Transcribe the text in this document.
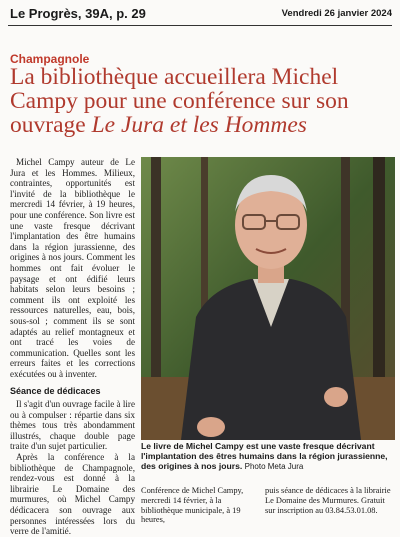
Le Progrès, 39A, p. 29	Vendredi 26 janvier 2024
Champagnole
La bibliothèque accueillera Michel Campy pour une conférence sur son ouvrage Le Jura et les Hommes

Michel Campy auteur de Le Jura et les Hommes. Milieux, contraintes, opportunités est l'invité de la bibliothèque le mercredi 14 février, à 19 heures, pour une conférence. Son livre est une vaste fresque décrivant l'implantation des être humains dans la région jurassienne, des origines à nos jours. Comment les hommes ont fait évoluer le paysage et ont édifié leurs habitats selon leurs besoins ; comment ils ont exploité les ressources naturelles, eau, bois, sous-sol ; comment ils se sont adaptés au relief montagneux et ont tracé les voies de communication. Quelles sont les erreurs faites et les corrections exécutées ou à inventer.

Séance de dédicaces

Il s'agit d'un ouvrage facile à lire ou à compulser : répartie dans six thèmes tous très abondamment illustrés, chaque double page traite d'un sujet particulier.

Après la conférence à la bibliothèque de Champagnole, rendez-vous est donné à la librairie Le Domaine des murmures, où Michel Campy dédicacera son ouvrage aux personnes intéressées lors du verre de l'amitié.

Le livre de Michel Campy est une vaste fresque décrivant l'implantation des êtres humains dans la région jurassienne, des origines à nos jours. Photo Meta Jura
Conférence de Michel Campy, mercredi 14 février, à la bibliothèque municipale, à 19 heures,
puis séance de dédicaces à la librairie Le Domaine des Murmures. Gratuit sur inscription au 03.84.53.01.08.
